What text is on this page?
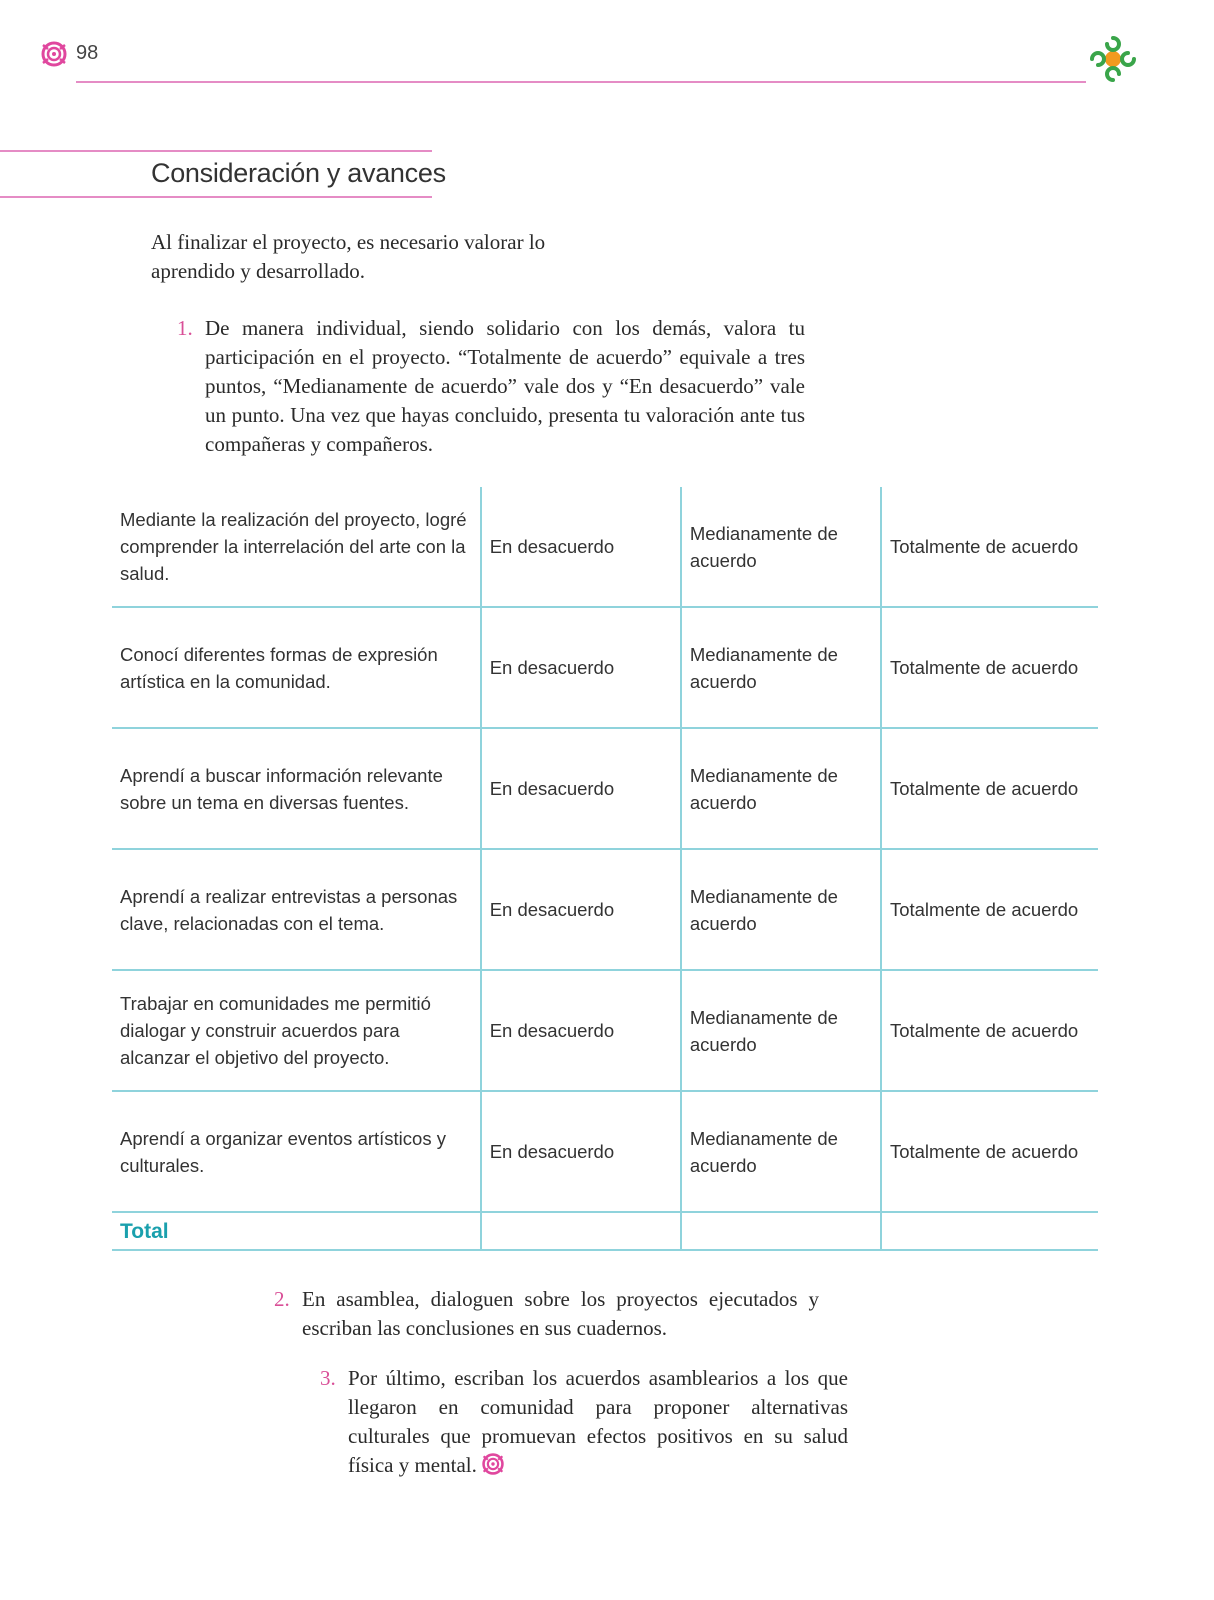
98
Consideración y avances
Al finalizar el proyecto, es necesario valorar lo aprendido y desarrollado.
1. De manera individual, siendo solidario con los demás, valora tu participación en el proyecto. “Totalmente de acuerdo” equivale a tres puntos, “Medianamente de acuerdo” vale dos y “En desacuerdo” vale un punto. Una vez que hayas concluido, presenta tu valoración ante tus compañeras y compañeros.
Mediante la realización del proyecto, logré comprender la interrelación del arte con la salud.	En desacuerdo	Medianamente de acuerdo	Totalmente de acuerdo
Conocí diferentes formas de expresión artística en la comunidad.	En desacuerdo	Medianamente de acuerdo	Totalmente de acuerdo
Aprendí a buscar información relevante sobre un tema en diversas fuentes.	En desacuerdo	Medianamente de acuerdo	Totalmente de acuerdo
Aprendí a realizar entrevistas a personas clave, relacionadas con el tema.	En desacuerdo	Medianamente de acuerdo	Totalmente de acuerdo
Trabajar en comunidades me permitió dialogar y construir acuerdos para alcanzar el objetivo del proyecto.	En desacuerdo	Medianamente de acuerdo	Totalmente de acuerdo
Aprendí a organizar eventos artísticos y culturales.	En desacuerdo	Medianamente de acuerdo	Totalmente de acuerdo
Total			
2. En asamblea, dialoguen sobre los proyectos ejecutados y escriban las conclusiones en sus cuadernos.
3. Por último, escriban los acuerdos asamblearios a los que llegaron en comunidad para proponer alternativas culturales que promuevan efectos positivos en su salud física y mental.
